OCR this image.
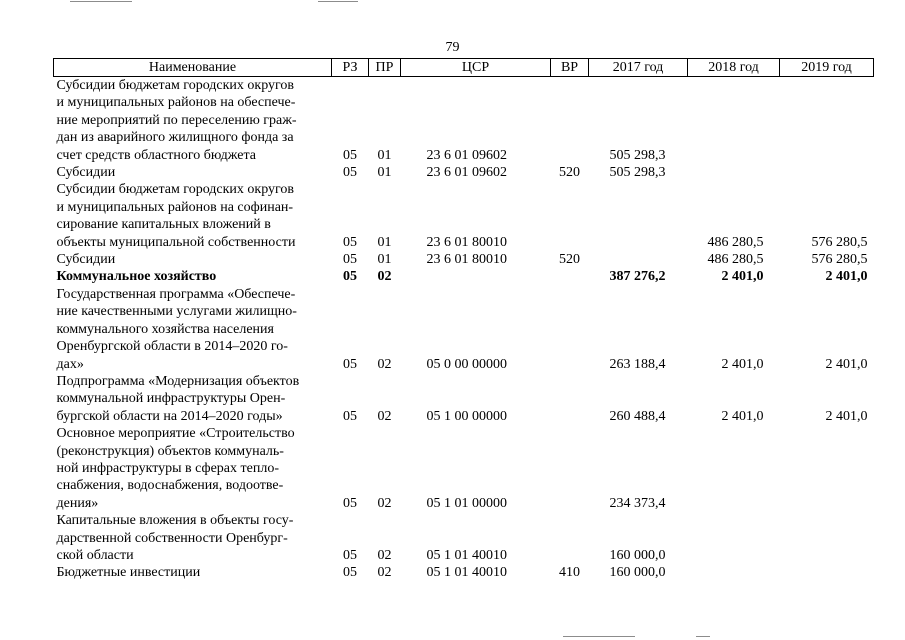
79
Наименование	РЗ	ПР	ЦСР	ВР	2017 год	2018 год	2019 год

Субсидии бюджетам городских округов
и муниципальных районов на обеспече-
ние мероприятий по переселению граж-
дан из аварийного жилищного фонда за
счет средств областного бюджета	05	01	23 6 01 09602		505 298,3		

Субсидии	05	01	23 6 01 09602	520	505 298,3		

Субсидии бюджетам городских округов
и муниципальных районов на софинан-
сирование капитальных вложений в
объекты муниципальной собственности	05	01	23 6 01 80010			486 280,5	576 280,5

Субсидии	05	01	23 6 01 80010	520		486 280,5	576 280,5

Коммунальное хозяйство	05	02			387 276,2	2 401,0	2 401,0

Государственная программа «Обеспече-
ние качественными услугами жилищно-
коммунального хозяйства населения
Оренбургской области в 2014–2020 го-
дах»	05	02	05 0 00 00000		263 188,4	2 401,0	2 401,0

Подпрограмма «Модернизация объектов
коммунальной инфраструктуры Орен-
бургской области на 2014–2020 годы»	05	02	05 1 00 00000		260 488,4	2 401,0	2 401,0

Основное мероприятие «Строительство
(реконструкция) объектов коммуналь-
ной инфраструктуры в сферах тепло-
снабжения, водоснабжения, водоотве-
дения»	05	02	05 1 01 00000		234 373,4		

Капитальные вложения в объекты госу-
дарственной собственности Оренбург-
ской области	05	02	05 1 01 40010		160 000,0		

Бюджетные инвестиции	05	02	05 1 01 40010	410	160 000,0		
